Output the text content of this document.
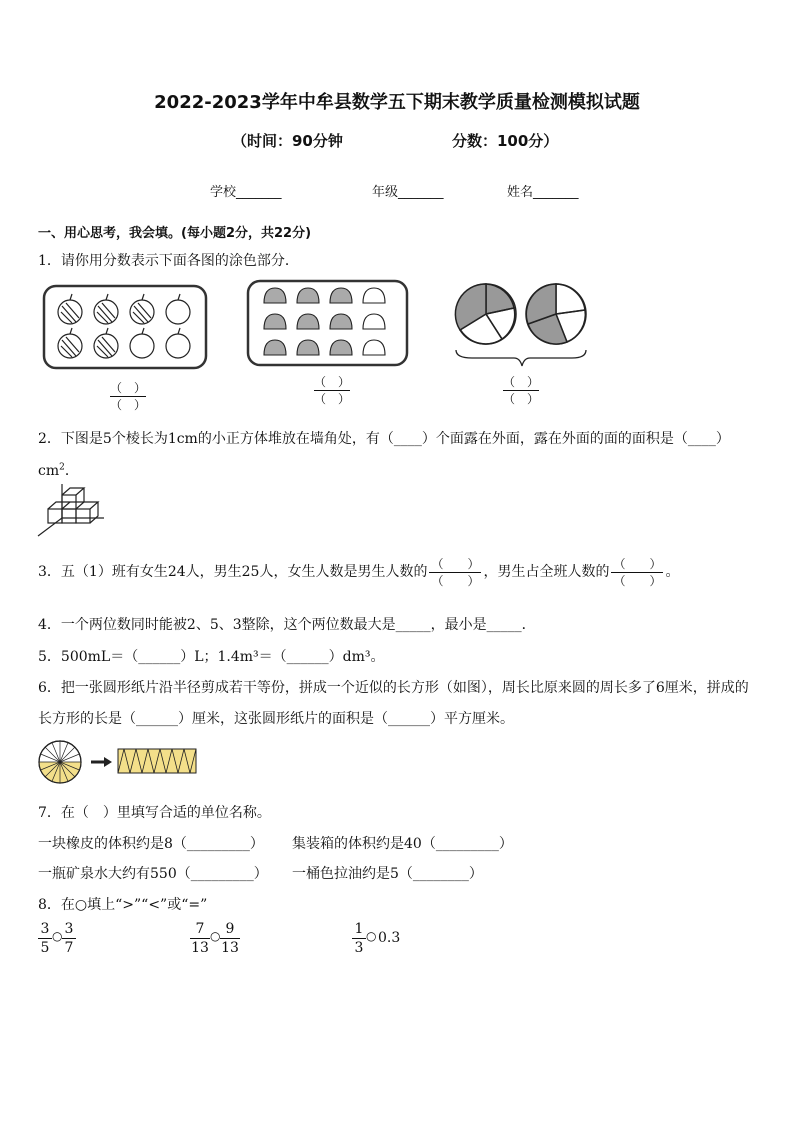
2022-2023学年中牟县数学五下期末教学质量检测模拟试题
（时间：90分钟	分数：100分）
学校_______	年级_______	姓名_______
一、用心思考，我会填。(每小题2分，共22分)
1．请你用分数表示下面各图的涂色部分．
（　）
（　）
（　）
（　）
（　）
（　）
2．下图是5个棱长为1cm的小正方体堆放在墙角处，有（____）个面露在外面，露在外面的面的面积是（____）
$cm^2$．
3．五（1）班有女生24人，男生25人，女生人数是男生人数的
（　　）
（　　）
，男生占全班人数的
（　　）
（　　）
。
4．一个两位数同时能被2、5、3整除，这个两位数最大是_____，最小是_____．
5．500mL＝（______）L；1.4m³＝（______）dm³。
6．把一张圆形纸片沿半径剪成若干等份，拼成一个近似的长方形（如图），周长比原来圆的周长多了6厘米，拼成的
长方形的长是（______）厘米，这张圆形纸片的面积是（______）平方厘米。
7．在（　）里填写合适的单位名称。
一块橡皮的体积约是8（_________） 集装箱的体积约是40（_________）
一瓶矿泉水大约有550（_________） 一桶色拉油约是5（________）
8．在○填上“>”“<”或“=”
3
5
○ 3
7
7
13
○ 9
13
1
3
○ 0.3
